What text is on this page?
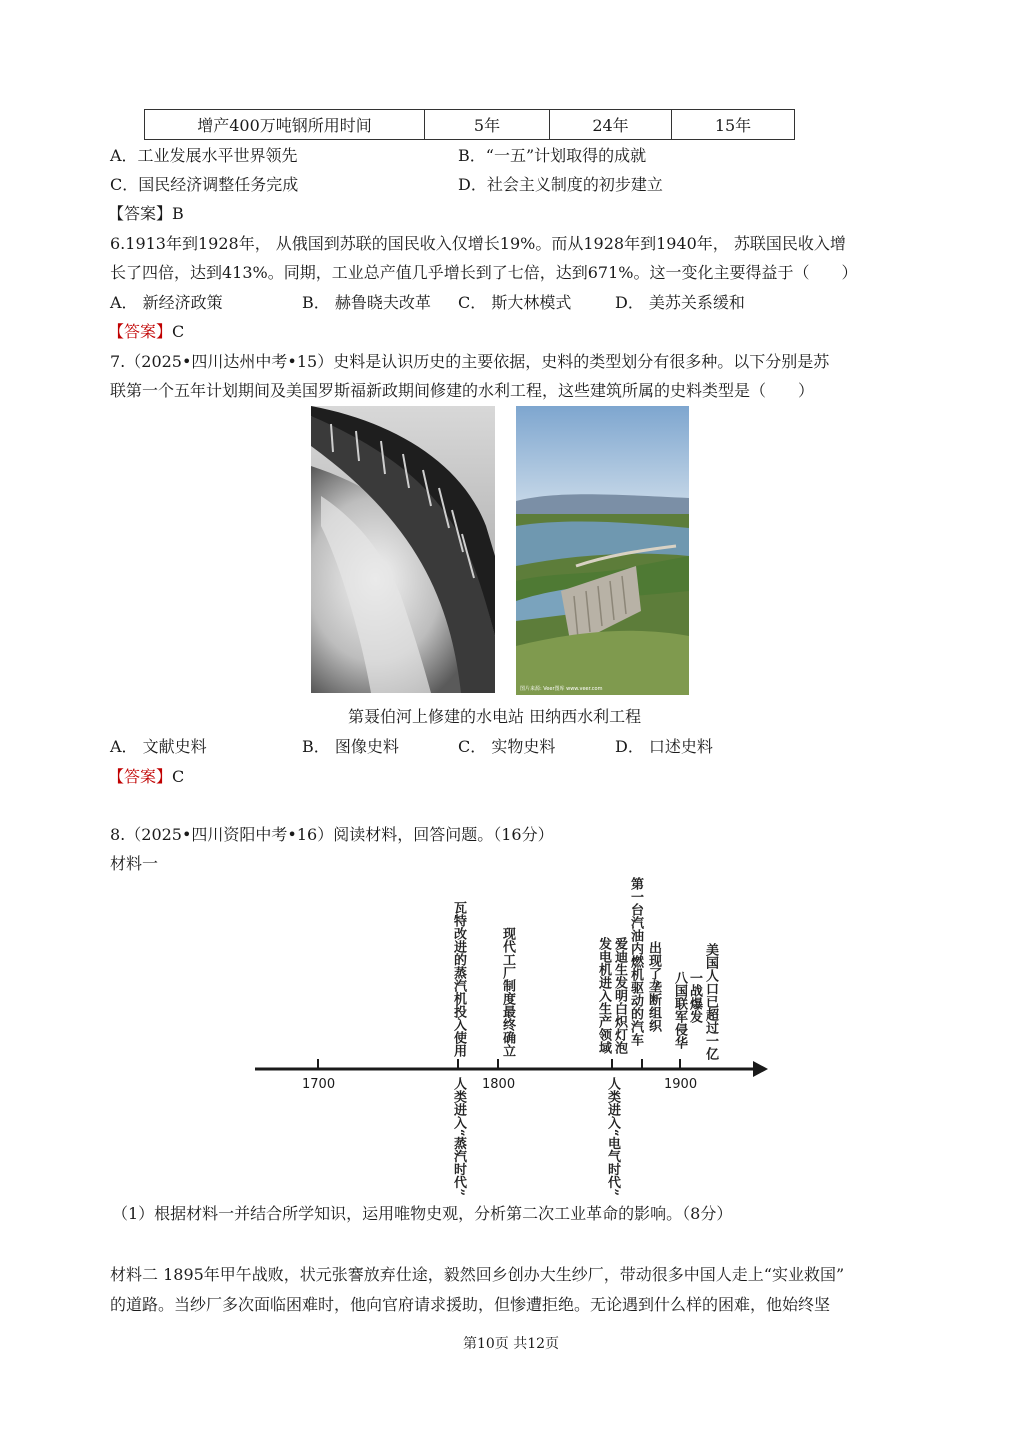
增产400万吨钢所用时间	5年	24年	15年
A．工业发展水平世界领先	B．“一五”计划取得的成就
C．国民经济调整任务完成	D．社会主义制度的初步建立
【答案】B
6.1913年到1928年， 从俄国到苏联的国民收入仅增长19%。而从1928年到1940年， 苏联国民收入增
长了四倍，达到413%。同期，工业总产值几乎增长到了七倍，达到671%。这一变化主要得益于（　　）
A． 新经济政策	B． 赫鲁晓夫改革 C． 斯大林模式	D． 美苏关系缓和
【答案】C
7.（2025•四川达州中考•15）史料是认识历史的主要依据，史料的类型划分有很多种。以下分别是苏
联第一个五年计划期间及美国罗斯福新政期间修建的水利工程，这些建筑所属的史料类型是（　　）
图片来源: Veer图库 www.veer.com
第聂伯河上修建的水电站 田纳西水利工程
A． 文献史料	B． 图像史料	C． 实物史料	D． 口述史料
【答案】C
8.（2025•四川资阳中考•16）阅读材料，回答问题。（16分）
材料一
1700	1800	1900
瓦特改进的蒸汽机投入使用	现代工厂制度最终确立	发电机进入生产领域 爱迪生发明白炽灯泡 第一台汽油内燃机驱动的汽车 出现了垄断组织 八国联军侵华 一战爆发 美国人口已超过一亿
人类进入“蒸汽时代”	人类进入“电气时代”
（1）根据材料一并结合所学知识，运用唯物史观，分析第二次工业革命的影响。（8分）
材料二 1895年甲午战败，状元张謇放弃仕途，毅然回乡创办大生纱厂，带动很多中国人走上“实业救国”
的道路。当纱厂多次面临困难时，他向官府请求援助，但惨遭拒绝。无论遇到什么样的困难，他始终坚
第10页 共12页
